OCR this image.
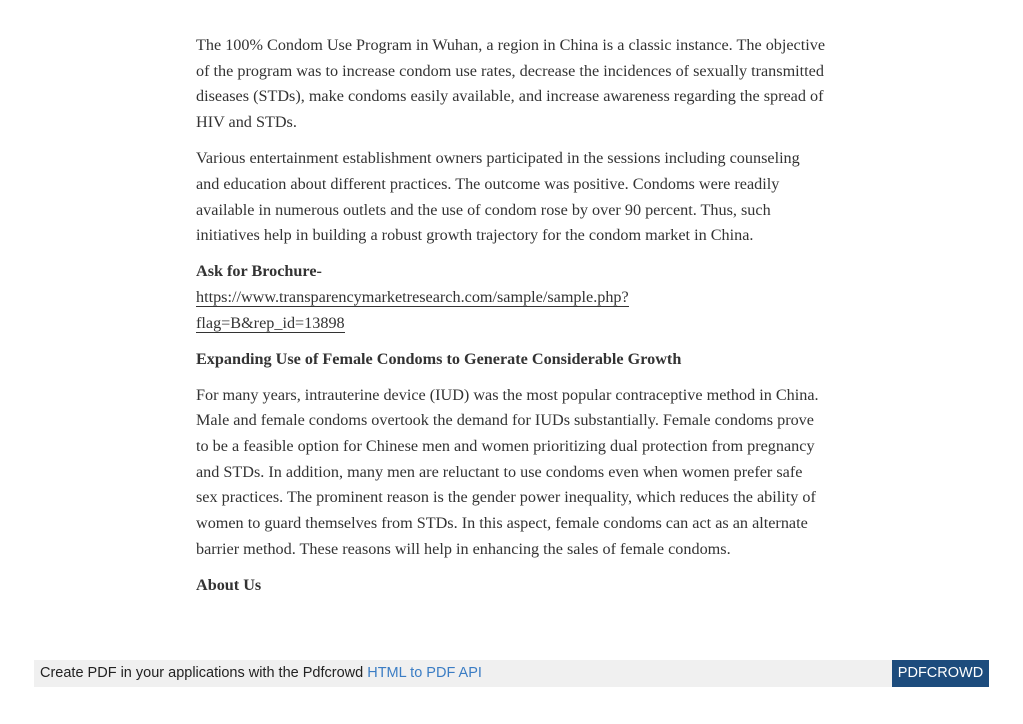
The 100% Condom Use Program in Wuhan, a region in China is a classic instance. The objective of the program was to increase condom use rates, decrease the incidences of sexually transmitted diseases (STDs), make condoms easily available, and increase awareness regarding the spread of HIV and STDs.

Various entertainment establishment owners participated in the sessions including counseling and education about different practices. The outcome was positive. Condoms were readily available in numerous outlets and the use of condom rose by over 90 percent. Thus, such initiatives help in building a robust growth trajectory for the condom market in China.

Ask for Brochure-
https://www.transparencymarketresearch.com/sample/sample.php?
flag=B&rep_id=13898

Expanding Use of Female Condoms to Generate Considerable Growth

For many years, intrauterine device (IUD) was the most popular contraceptive method in China. Male and female condoms overtook the demand for IUDs substantially. Female condoms prove to be a feasible option for Chinese men and women prioritizing dual protection from pregnancy and STDs. In addition, many men are reluctant to use condoms even when women prefer safe sex practices. The prominent reason is the gender power inequality, which reduces the ability of women to guard themselves from STDs. In this aspect, female condoms can act as an alternate barrier method. These reasons will help in enhancing the sales of female condoms.

About Us

Create PDF in your applications with the Pdfcrowd HTML to PDF API	PDFCROWD
